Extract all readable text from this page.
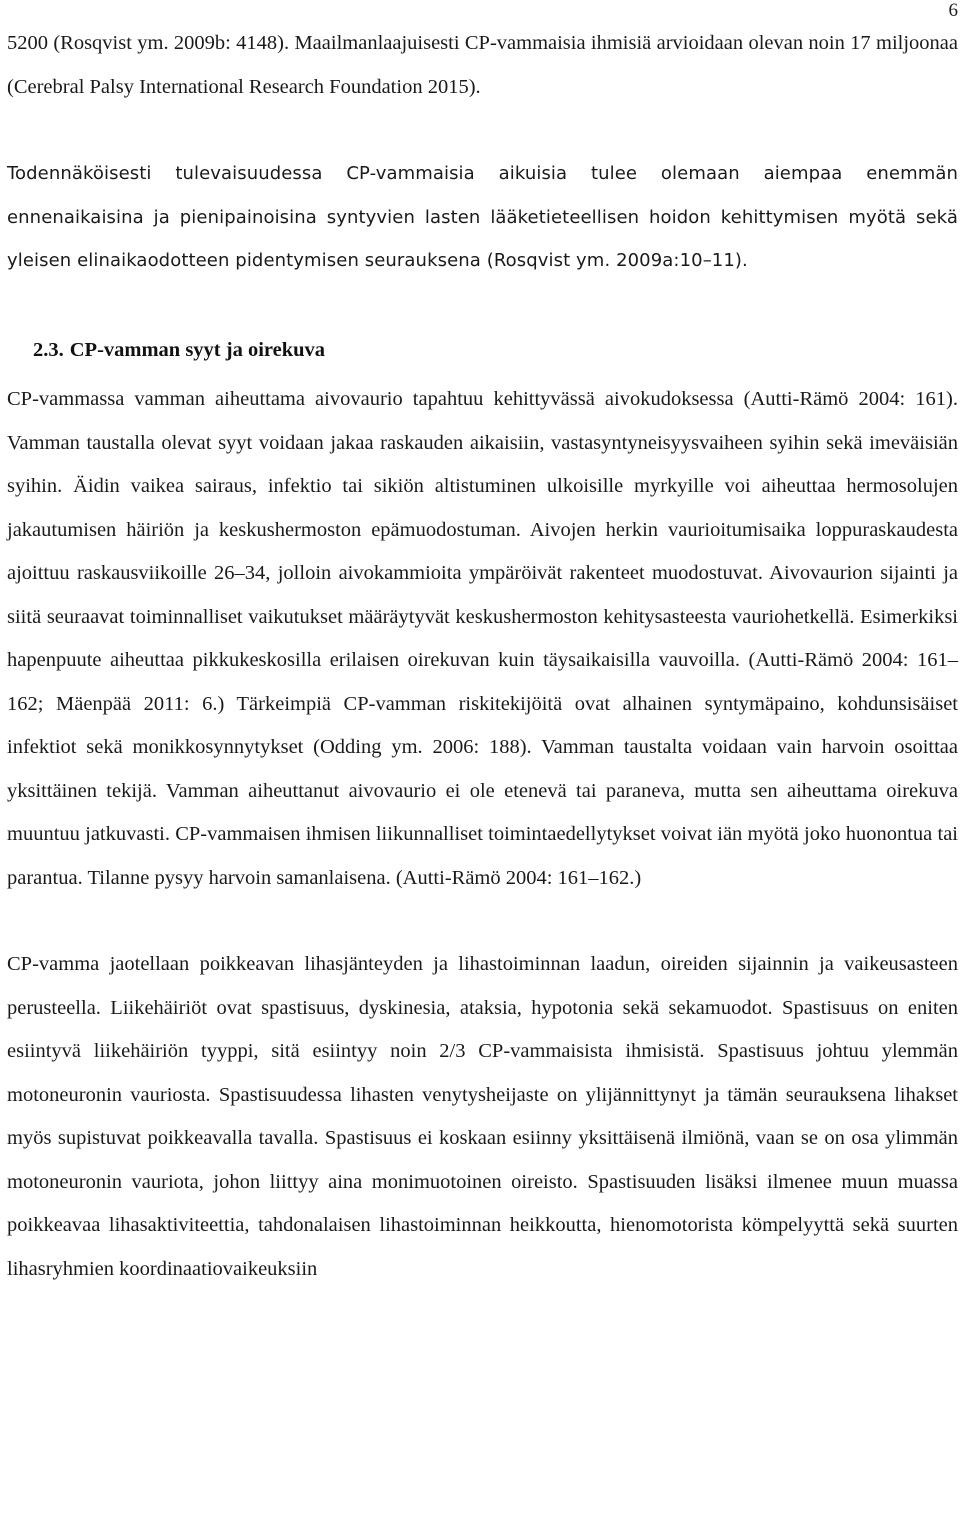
6

5200 (Rosqvist ym. 2009b: 4148). Maailmanlaajuisesti CP-vammaisia ihmisiä arvioidaan olevan noin 17 miljoonaa (Cerebral Palsy International Research Foundation 2015).

Todennäköisesti tulevaisuudessa CP-vammaisia aikuisia tulee olemaan aiempaa enemmän ennenaikaisina ja pienipainoisina syntyvien lasten lääketieteellisen hoidon kehittymisen myötä sekä yleisen elinaikaodotteen pidentymisen seurauksena (Rosqvist ym. 2009a:10–11).

2.3. CP-vamman syyt ja oirekuva

CP-vammassa vamman aiheuttama aivovaurio tapahtuu kehittyvässä aivokudoksessa (Autti-Rämö 2004: 161). Vamman taustalla olevat syyt voidaan jakaa raskauden aikaisiin, vastasyntyneisyysvaiheen syihin sekä imeväisiän syihin. Äidin vaikea sairaus, infektio tai sikiön altistuminen ulkoisille myrkyille voi aiheuttaa hermosolujen jakautumisen häiriön ja keskushermoston epämuodostuman. Aivojen herkin vaurioitumisaika loppuraskaudesta ajoittuu raskausviikoille 26–34, jolloin aivokammioita ympäröivät rakenteet muodostuvat. Aivovaurion sijainti ja siitä seuraavat toiminnalliset vaikutukset määräytyvät keskushermoston kehitysasteesta vauriohetkellä. Esimerkiksi hapenpuute aiheuttaa pikkukeskosilla erilaisen oirekuvan kuin täysaikaisilla vauvoilla. (Autti-Rämö 2004: 161–162; Mäenpää 2011: 6.) Tärkeimpiä CP-vamman riskitekijöitä ovat alhainen syntymäpaino, kohdunsisäiset infektiot sekä monikkosynnytykset (Odding ym. 2006: 188). Vamman taustalta voidaan vain harvoin osoittaa yksittäinen tekijä. Vamman aiheuttanut aivovaurio ei ole etenevä tai paraneva, mutta sen aiheuttama oirekuva muuntuu jatkuvasti. CP-vammaisen ihmisen liikunnalliset toimintaedellytykset voivat iän myötä joko huonontua tai parantua. Tilanne pysyy harvoin samanlaisena. (Autti-Rämö 2004: 161–162.)

CP-vamma jaotellaan poikkeavan lihasjänteyden ja lihastoiminnan laadun, oireiden sijainnin ja vaikeusasteen perusteella. Liikehäiriöt ovat spastisuus, dyskinesia, ataksia, hypotonia sekä sekamuodot. Spastisuus on eniten esiintyvä liikehäiriön tyyppi, sitä esiintyy noin 2/3 CP-vammaisista ihmisistä. Spastisuus johtuu ylemmän motoneuronin vauriosta. Spastisuudessa lihasten venytysheijaste on ylijännittynyt ja tämän seurauksena lihakset myös supistuvat poikkeavalla tavalla. Spastisuus ei koskaan esiinny yksittäisenä ilmiönä, vaan se on osa ylimmän motoneuronin vauriota, johon liittyy aina monimuotoinen oireisto. Spastisuuden lisäksi ilmenee muun muassa poikkeavaa lihasaktiviteettia, tahdonalaisen lihastoiminnan heikkoutta, hienomotorista kömpelyyttä sekä suurten lihasryhmien koordinaatiovaikeuksiin
